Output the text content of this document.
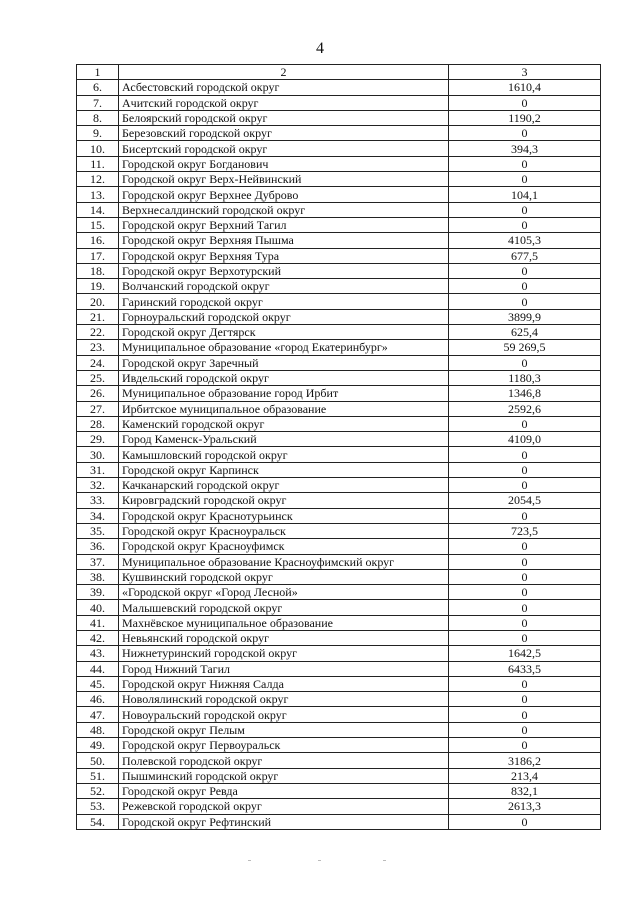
4
1	2	3
6.	Асбестовский городской округ	1610,4
7.	Ачитский городской округ	0
8.	Белоярский городской округ	1190,2
9.	Березовский городской округ	0
10.	Бисертский городской округ	394,3
11.	Городской округ Богданович	0
12.	Городской округ Верх-Нейвинский	0
13.	Городской округ Верхнее Дуброво	104,1
14.	Верхнесалдинский городской округ	0
15.	Городской округ Верхний Тагил	0
16.	Городской округ Верхняя Пышма	4105,3
17.	Городской округ Верхняя Тура	677,5
18.	Городской округ Верхотурский	0
19.	Волчанский городской округ	0
20.	Гаринский городской округ	0
21.	Горноуральский городской округ	3899,9
22.	Городской округ Дегтярск	625,4
23.	Муниципальное образование «город Екатеринбург»	59 269,5
24.	Городской округ Заречный	0
25.	Ивдельский городской округ	1180,3
26.	Муниципальное образование город Ирбит	1346,8
27.	Ирбитское муниципальное образование	2592,6
28.	Каменский городской округ	0
29.	Город Каменск-Уральский	4109,0
30.	Камышловский городской округ	0
31.	Городской округ Карпинск	0
32.	Качканарский городской округ	0
33.	Кировградский городской округ	2054,5
34.	Городской округ Краснотурьинск	0
35.	Городской округ Красноуральск	723,5
36.	Городской округ Красноуфимск	0
37.	Муниципальное образование Красноуфимский округ	0
38.	Кушвинский городской округ	0
39.	«Городской округ «Город Лесной»	0
40.	Малышевский городской округ	0
41.	Махнёвское муниципальное образование	0
42.	Невьянский городской округ	0
43.	Нижнетуринский городской округ	1642,5
44.	Город Нижний Тагил	6433,5
45.	Городской округ Нижняя Салда	0
46.	Новолялинский городской округ	0
47.	Новоуральский городской округ	0
48.	Городской округ Пелым	0
49.	Городской округ Первоуральск	0
50.	Полевской городской округ	3186,2
51.	Пышминский городской округ	213,4
52.	Городской округ Ревда	832,1
53.	Режевской городской округ	2613,3
54.	Городской округ Рефтинский	0
